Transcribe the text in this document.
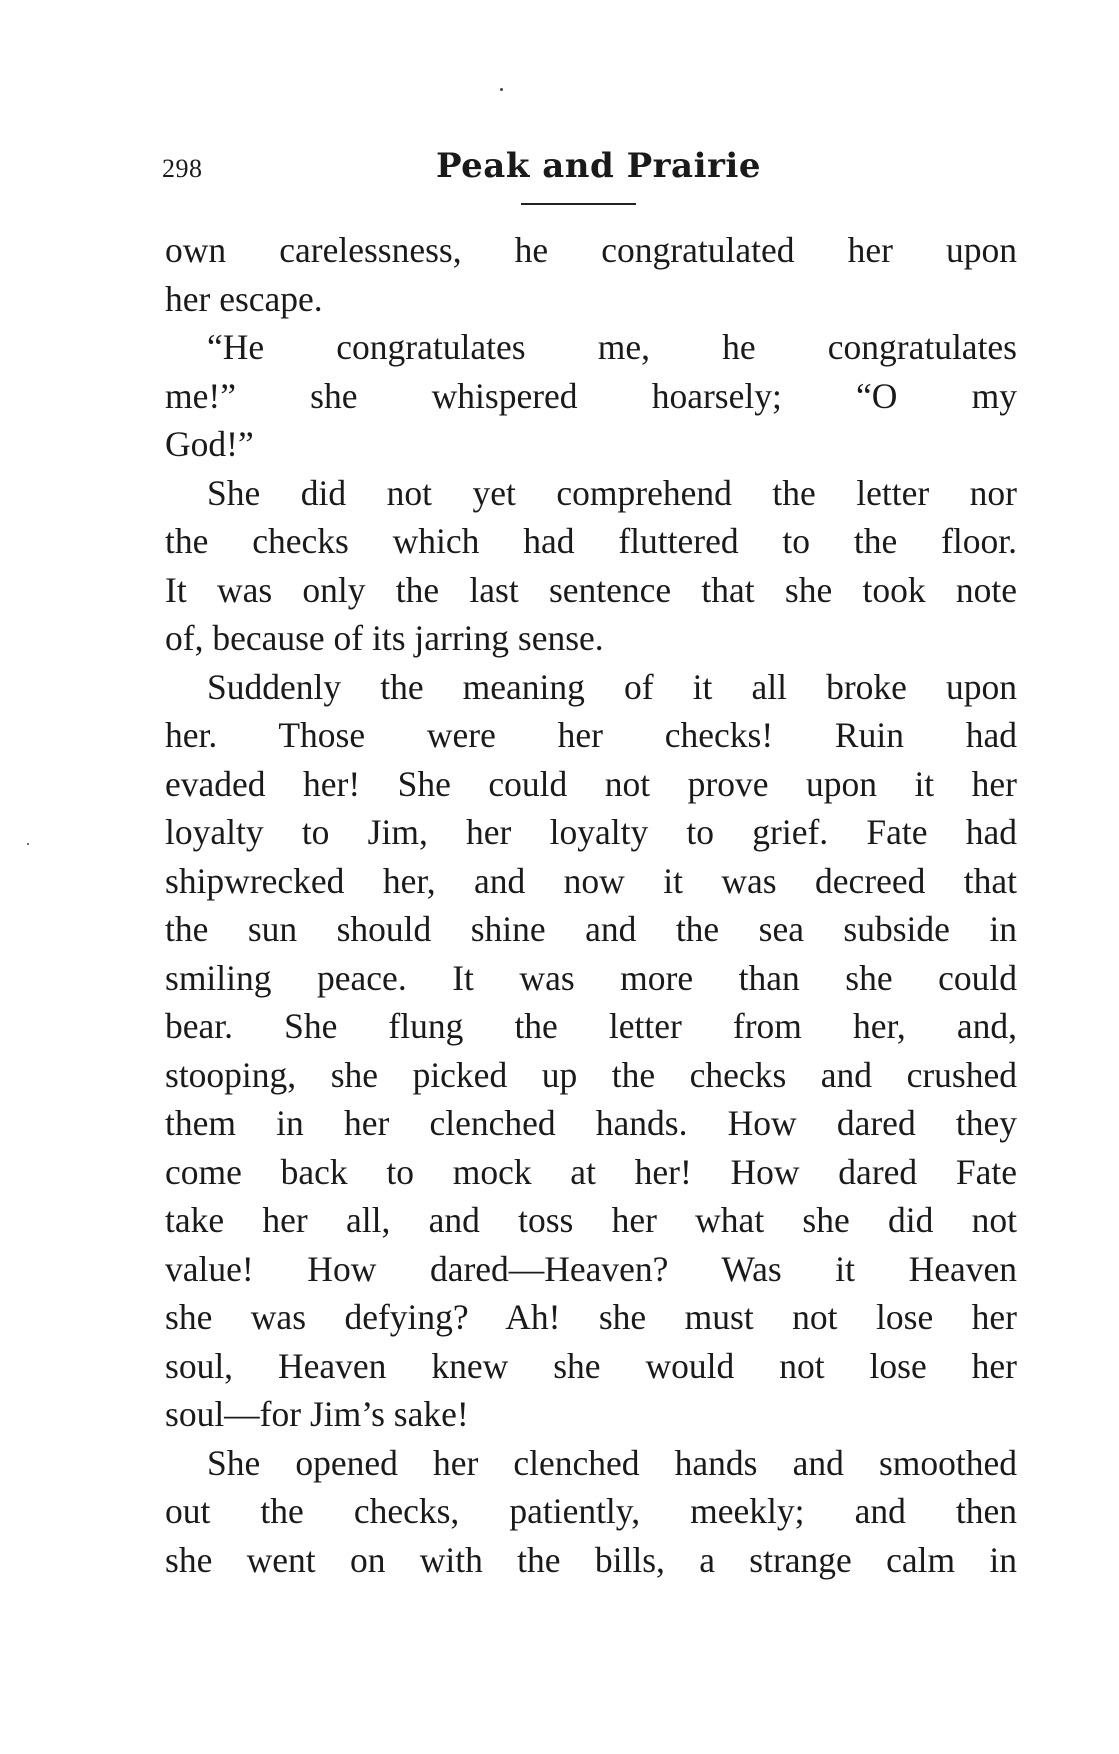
298	Peak and Prairie
own carelessness, he congratulated her upon
her escape.
“He congratulates me, he congratulates
me!” she whispered hoarsely; “O my
God!”
She did not yet comprehend the letter nor
the checks which had fluttered to the floor.
It was only the last sentence that she took note
of, because of its jarring sense.
Suddenly the meaning of it all broke upon
her. Those were her checks! Ruin had
evaded her! She could not prove upon it her
loyalty to Jim, her loyalty to grief. Fate had
shipwrecked her, and now it was decreed that
the sun should shine and the sea subside in
smiling peace. It was more than she could
bear. She flung the letter from her, and,
stooping, she picked up the checks and crushed
them in her clenched hands. How dared they
come back to mock at her! How dared Fate
take her all, and toss her what she did not
value! How dared—Heaven? Was it Heaven
she was defying? Ah! she must not lose her
soul, Heaven knew she would not lose her
soul—for Jim’s sake!
She opened her clenched hands and smoothed
out the checks, patiently, meekly; and then
she went on with the bills, a strange calm in
